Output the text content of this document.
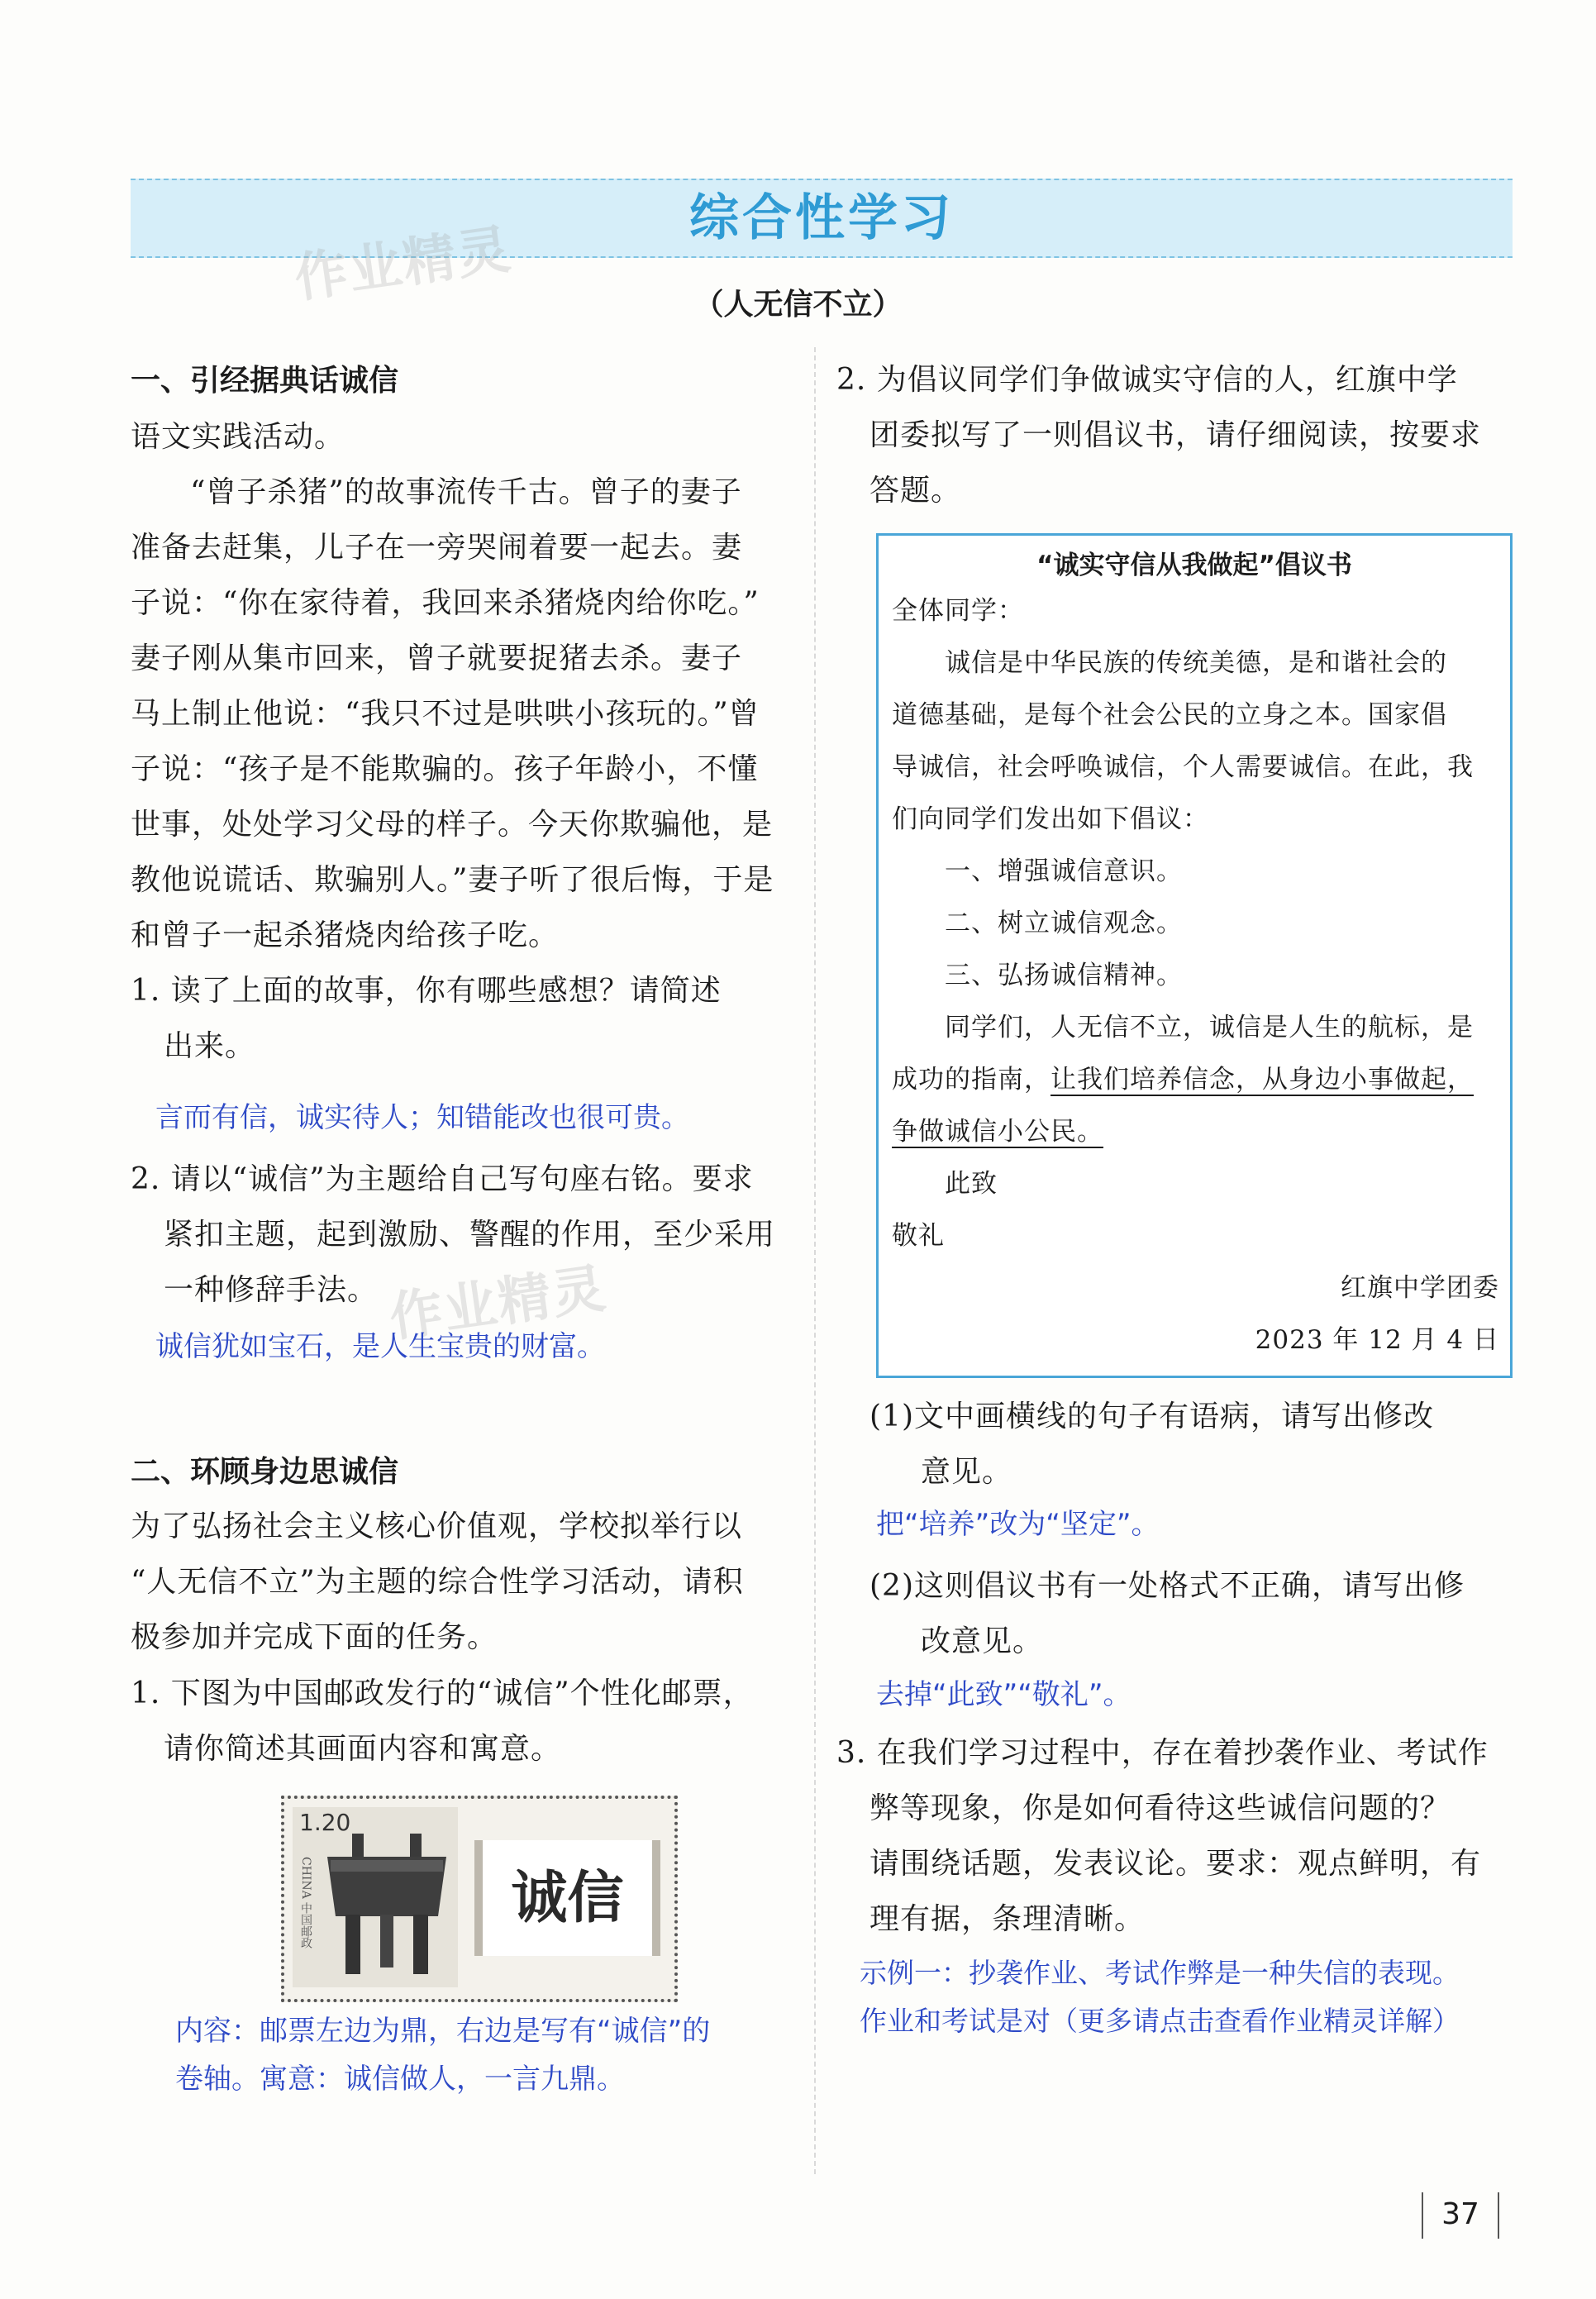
综合性学习
作业精灵	（人无信不立）
一、引经据典话诚信
语文实践活动。
“曾子杀猪”的故事流传千古。曾子的妻子
准备去赶集，儿子在一旁哭闹着要一起去。妻
子说：“你在家待着，我回来杀猪烧肉给你吃。”
妻子刚从集市回来，曾子就要捉猪去杀。妻子
马上制止他说：“我只不过是哄哄小孩玩的。”曾
子说：“孩子是不能欺骗的。孩子年龄小，不懂
世事，处处学习父母的样子。今天你欺骗他，是
教他说谎话、欺骗别人。”妻子听了很后悔，于是
和曾子一起杀猪烧肉给孩子吃。
1. 读了上面的故事，你有哪些感想？请简述
出来。
言而有信，诚实待人；知错能改也很可贵。
2. 请以“诚信”为主题给自己写句座右铭。要求
紧扣主题，起到激励、警醒的作用，至少采用
一种修辞手法。 作业精灵
诚信犹如宝石，是人生宝贵的财富。
二、环顾身边思诚信
为了弘扬社会主义核心价值观，学校拟举行以
“人无信不立”为主题的综合性学习活动，请积
极参加并完成下面的任务。
1. 下图为中国邮政发行的“诚信”个性化邮票，
请你简述其画面内容和寓意。
1.20
CHINA 中国邮政	诚信
内容：邮票左边为鼎，右边是写有“诚信”的
卷轴。寓意：诚信做人，一言九鼎。
2. 为倡议同学们争做诚实守信的人，红旗中学
团委拟写了一则倡议书，请仔细阅读，按要求
答题。
“诚实守信从我做起”倡议书
全体同学：
诚信是中华民族的传统美德，是和谐社会的
道德基础，是每个社会公民的立身之本。国家倡
导诚信，社会呼唤诚信，个人需要诚信。在此，我
们向同学们发出如下倡议：
一、增强诚信意识。
二、树立诚信观念。
三、弘扬诚信精神。
同学们，人无信不立，诚信是人生的航标，是
成功的指南，让我们培养信念，从身边小事做起，
争做诚信小公民。
此致
敬礼
红旗中学团委
2023 年 12 月 4 日
(1)文中画横线的句子有语病，请写出修改
意见。
把“培养”改为“坚定”。
(2)这则倡议书有一处格式不正确，请写出修
改意见。
去掉“此致”“敬礼”。
3. 在我们学习过程中，存在着抄袭作业、考试作
弊等现象，你是如何看待这些诚信问题的？
请围绕话题，发表议论。要求：观点鲜明，有
理有据，条理清晰。
示例一：抄袭作业、考试作弊是一种失信的表现。
作业和考试是对（更多请点击查看作业精灵详解）
37
